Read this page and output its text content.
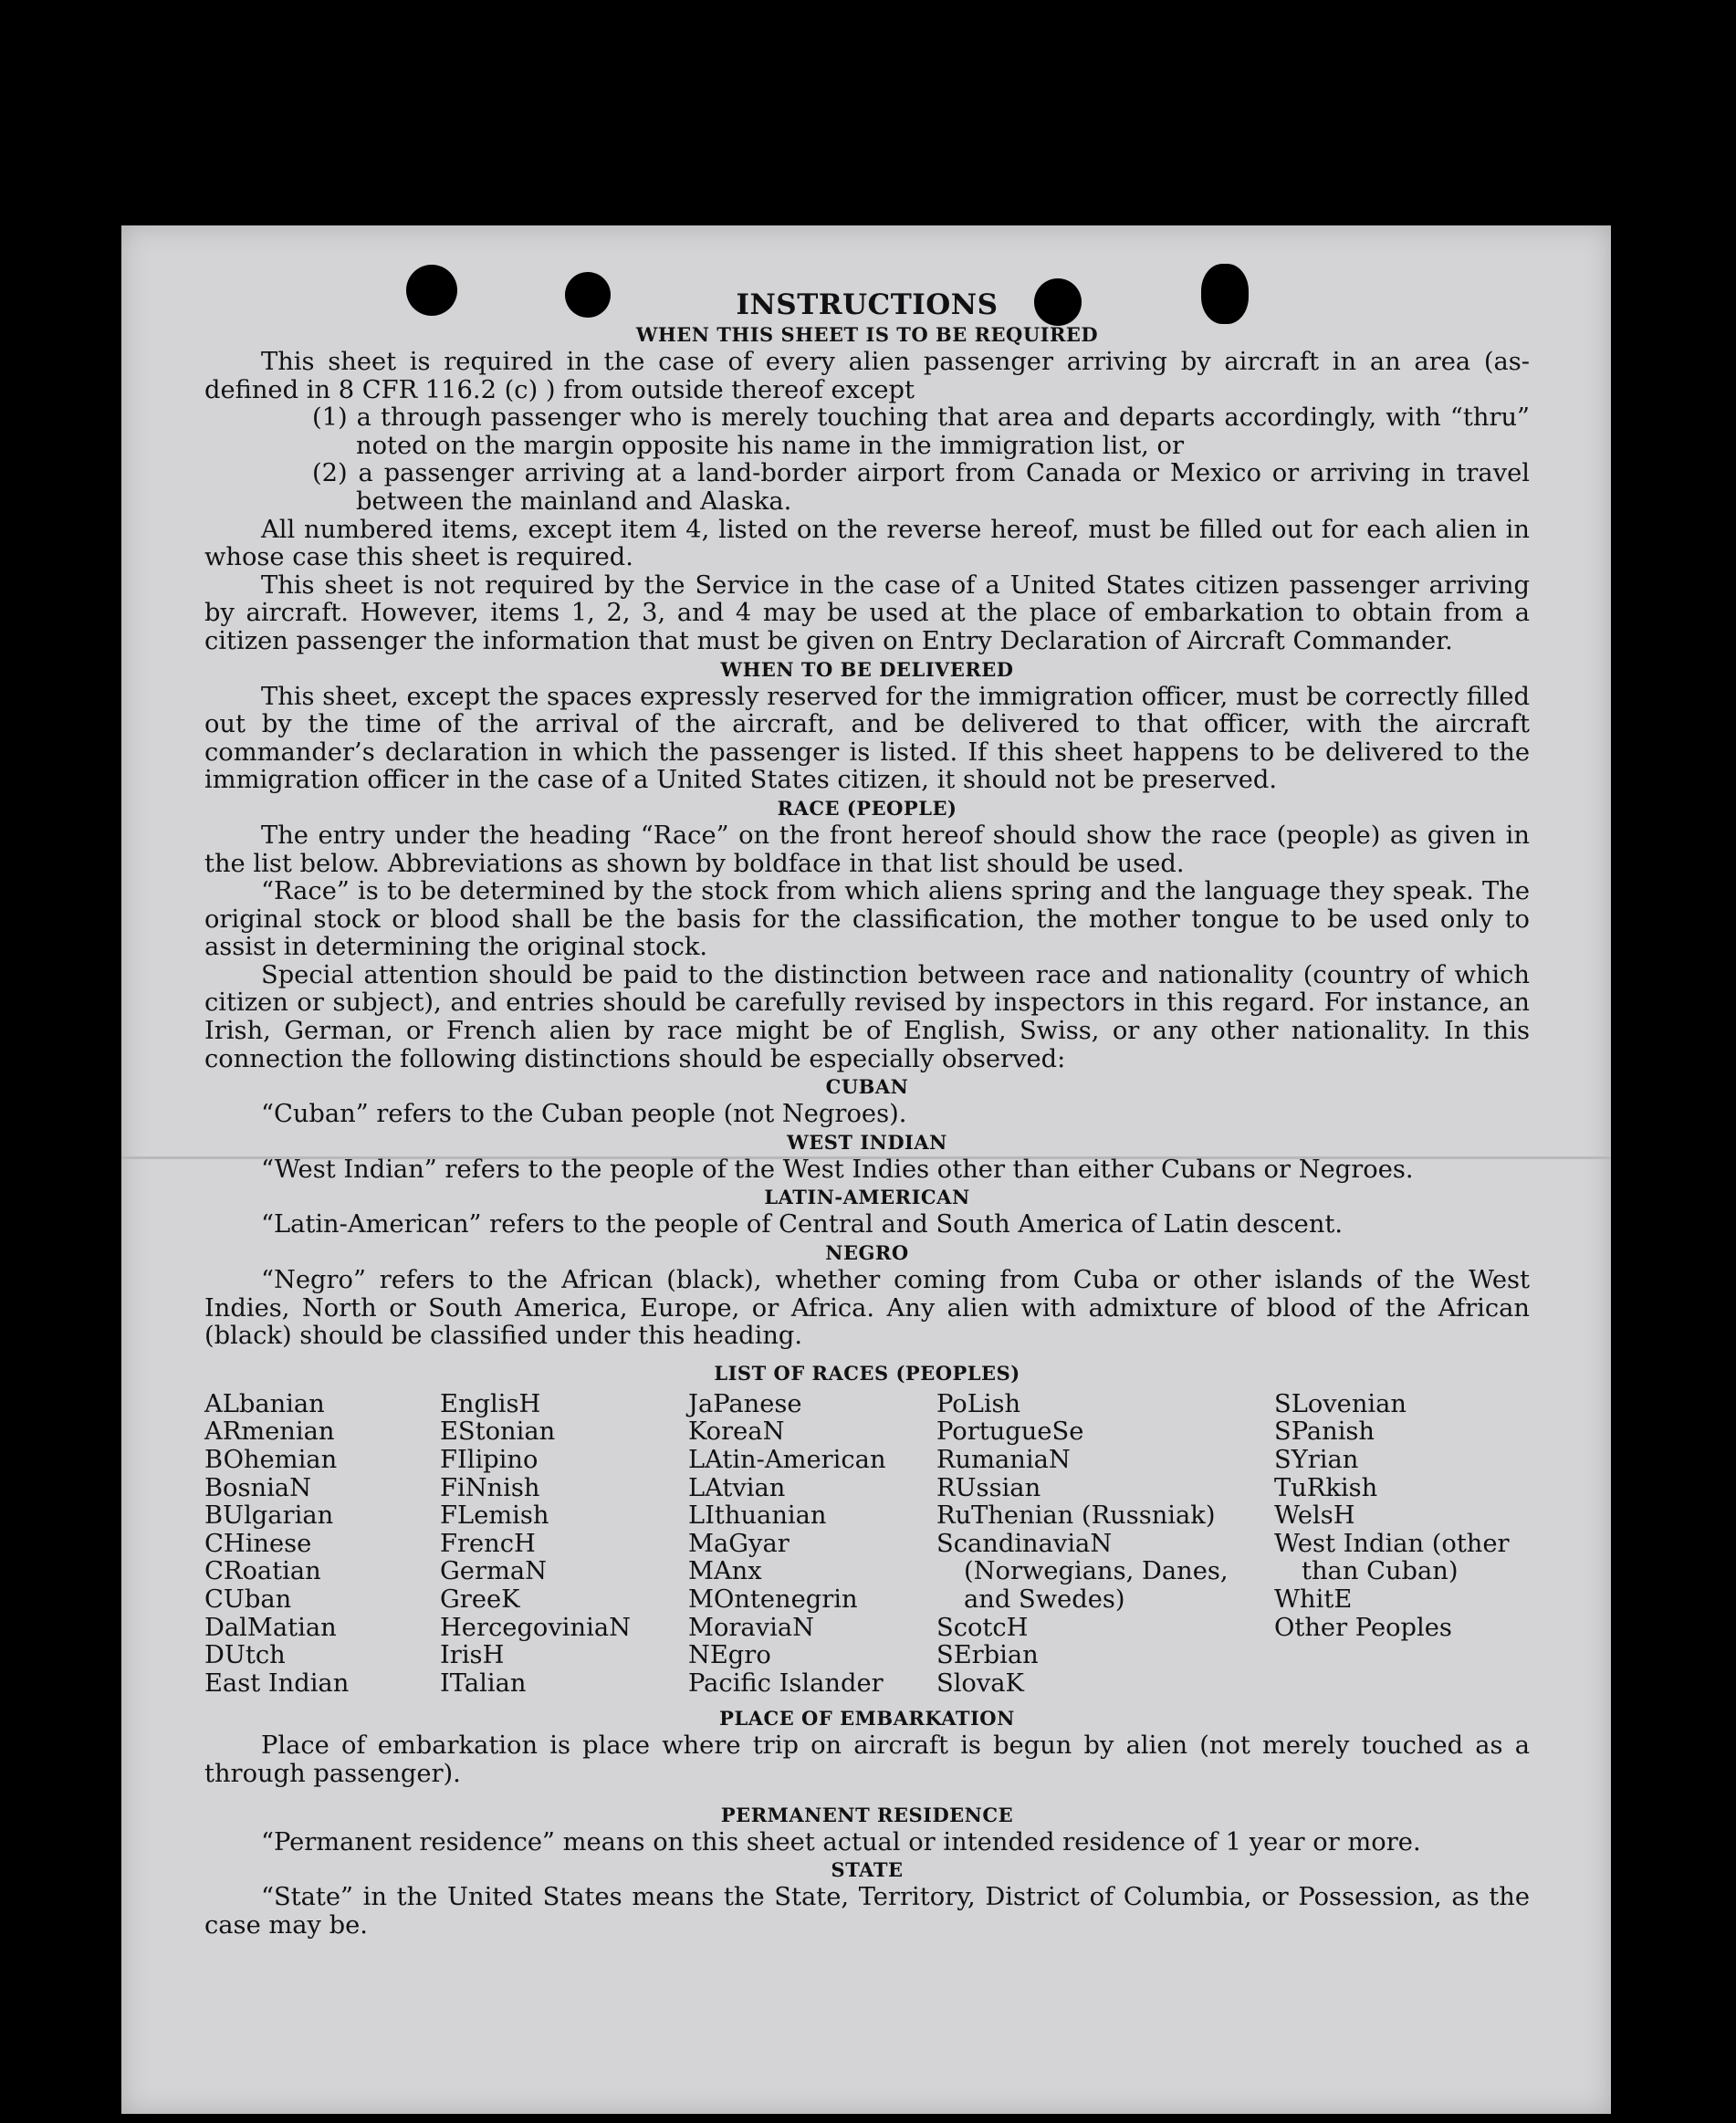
INSTRUCTIONS
WHEN THIS SHEET IS TO BE REQUIRED

This sheet is required in the case of every alien passenger arriving by aircraft in an area (as-defined in 8 CFR 116.2 (c) ) from outside thereof except

(1) a through passenger who is merely touching that area and departs accordingly, with “thru” noted on the margin opposite his name in the immigration list, or
(2) a passenger arriving at a land-border airport from Canada or Mexico or arriving in travel between the mainland and Alaska.

All numbered items, except item 4, listed on the reverse hereof, must be filled out for each alien in whose case this sheet is required.

This sheet is not required by the Service in the case of a United States citizen passenger arriving by aircraft. However, items 1, 2, 3, and 4 may be used at the place of embarkation to obtain from a citizen passenger the information that must be given on Entry Declaration of Aircraft Commander.

WHEN TO BE DELIVERED

This sheet, except the spaces expressly reserved for the immigration officer, must be correctly filled out by the time of the arrival of the aircraft, and be delivered to that officer, with the aircraft commander’s declaration in which the passenger is listed. If this sheet happens to be delivered to the immigration officer in the case of a United States citizen, it should not be preserved.

RACE (PEOPLE)

The entry under the heading “Race” on the front hereof should show the race (people) as given in the list below. Abbreviations as shown by boldface in that list should be used.

“Race” is to be determined by the stock from which aliens spring and the language they speak. The original stock or blood shall be the basis for the classification, the mother tongue to be used only to assist in determining the original stock.

Special attention should be paid to the distinction between race and nationality (country of which citizen or subject), and entries should be carefully revised by inspectors in this regard. For instance, an Irish, German, or French alien by race might be of English, Swiss, or any other nationality. In this connection the following distinctions should be especially observed:

CUBAN

“Cuban” refers to the Cuban people (not Negroes).

WEST INDIAN

“West Indian” refers to the people of the West Indies other than either Cubans or Negroes.

LATIN-AMERICAN

“Latin-American” refers to the people of Central and South America of Latin descent.

NEGRO

“Negro” refers to the African (black), whether coming from Cuba or other islands of the West Indies, North or South America, Europe, or Africa. Any alien with admixture of blood of the African (black) should be classified under this heading.

LIST OF RACES (PEOPLES)
ALbanian
ARmenian
BOhemian
BosniaN
BUlgarian
CHinese
CRoatian
CUban
DalMatian
DUtch
East Indian
EnglisH
EStonian
FIlipino
FiNnish
FLemish
FrencH
GermaN
GreeK
HercegoviniaN
IrisH
ITalian
JaPanese
KoreaN
LAtin-American
LAtvian
LIthuanian
MaGyar
MAnx
MOntenegrin
MoraviaN
NEgro
Pacific Islander
PoLish
PortugueSe
RumaniaN
RUssian
RuThenian (Russniak)
ScandinaviaN (Norwegians, Danes, and Swedes)
ScotcH
SErbian
SlovaK
SLovenian
SPanish
SYrian
TuRkish
WelsH
West Indian (other than Cuban)
WhitE
Other Peoples
PLACE OF EMBARKATION

Place of embarkation is place where trip on aircraft is begun by alien (not merely touched as a through passenger).

PERMANENT RESIDENCE

“Permanent residence” means on this sheet actual or intended residence of 1 year or more.

STATE

“State” in the United States means the State, Territory, District of Columbia, or Possession, as the case may be.
